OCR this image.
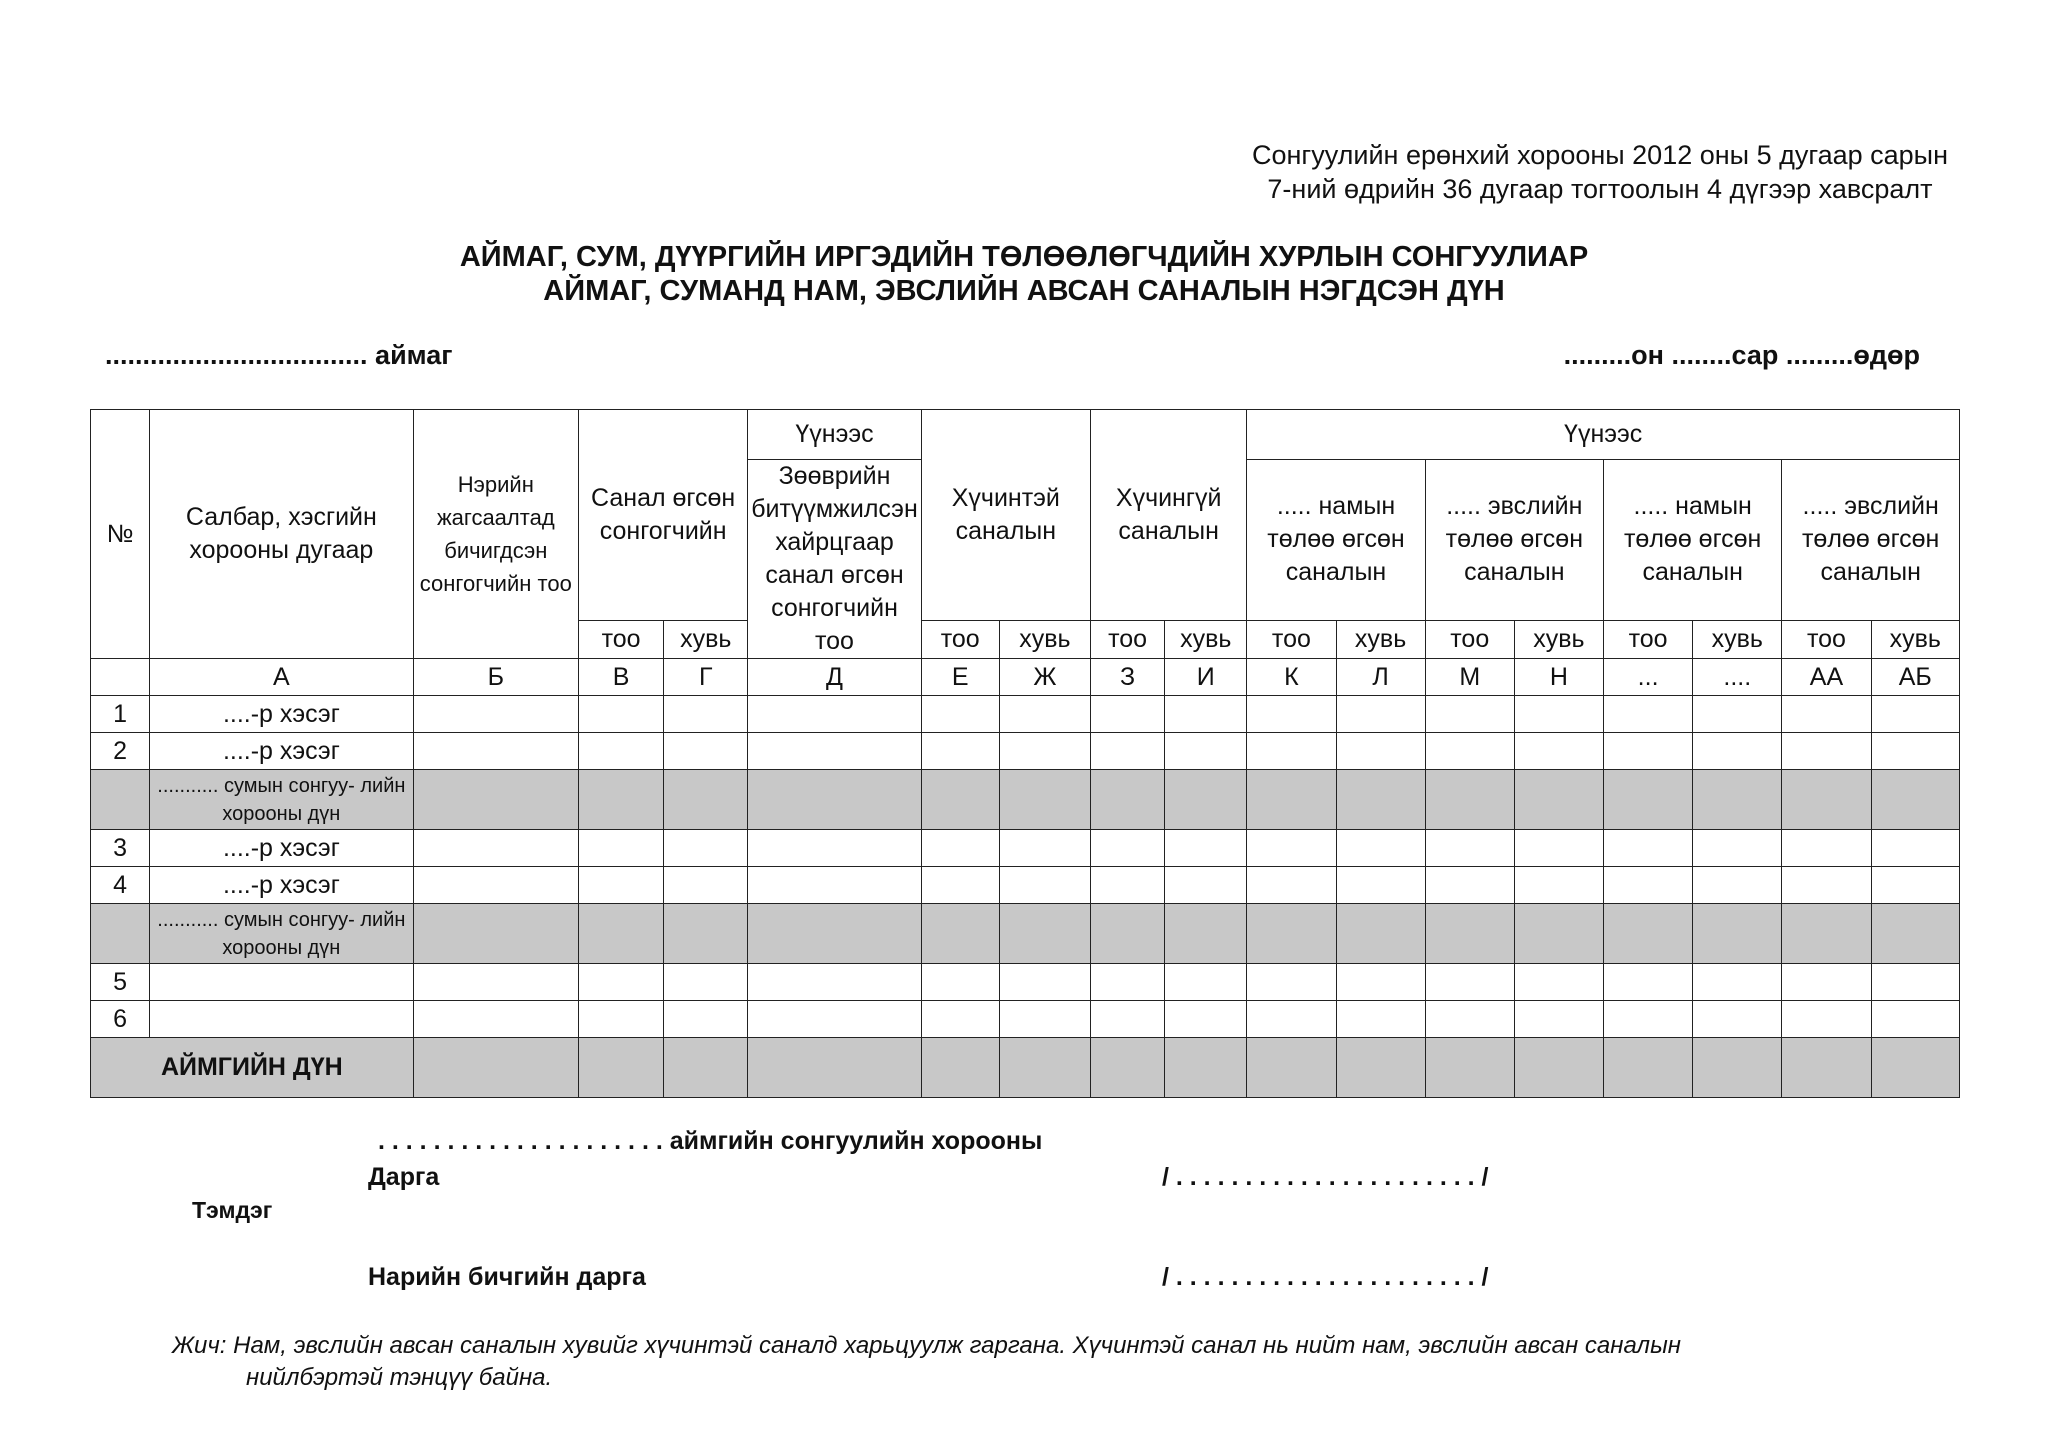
Сонгуулийн ерөнхий хорооны 2012 оны 5 дугаар сарын
7-ний өдрийн 36 дугаар тогтоолын 4 дүгээр хавсралт
АЙМАГ, СУМ, ДҮҮРГИЙН ИРГЭДИЙН ТӨЛӨӨЛӨГЧДИЙН ХУРЛЫН СОНГУУЛИАР
АЙМАГ, СУМАНД НАМ, ЭВСЛИЙН АВСАН САНАЛЫН НЭГДСЭН ДҮН
................................... аймаг	.........он ........сар .........өдөр
№	Салбар, хэсгийн хорооны дугаар	Нэрийн жагсаалтад бичигдсэн сонгогчийн тоо	Санал өгсөн сонгогчийн		Үүнээс	Хүчинтэй саналын		Хүчингүй саналын		Үүнээс							
					Зөөврийн битүүмжилсэн хайрцгаар санал өгсөн сонгогчийн тоо					..... намын төлөө өгсөн саналын		..... эвслийн төлөө өгсөн саналын		..... намын төлөө өгсөн саналын		..... эвслийн төлөө өгсөн саналын	
			тоо	хувь		тоо	хувь	тоо	хувь	тоо	хувь	тоо	хувь	тоо	хувь	тоо	хувь
	А	Б	В	Г	Д	Е	Ж	З	И	К	Л	М	Н	...	....	АА	АБ
1	....-р хэсэг																
2	....-р хэсэг																
	........... сумын сонгуу- лийн хорооны дүн																
3	....-р хэсэг																
4	....-р хэсэг																
	........... сумын сонгуу- лийн хорооны дүн																
5																	
6																	
АЙМГИЙН ДҮН																	
. . . . . . . . . . . . . . . . . . . . . аймгийн сонгуулийн хорооны
Дарга	/ . . . . . . . . . . . . . . . . . . . . . . /
Тэмдэг
Нарийн бичгийн дарга	/ . . . . . . . . . . . . . . . . . . . . . . /
Жич: Нам, эвслийн авсан саналын хувийг хүчинтэй саналд харьцуулж гаргана. Хүчинтэй санал нь нийт нам, эвслийн авсан саналын
нийлбэртэй тэнцүү байна.
